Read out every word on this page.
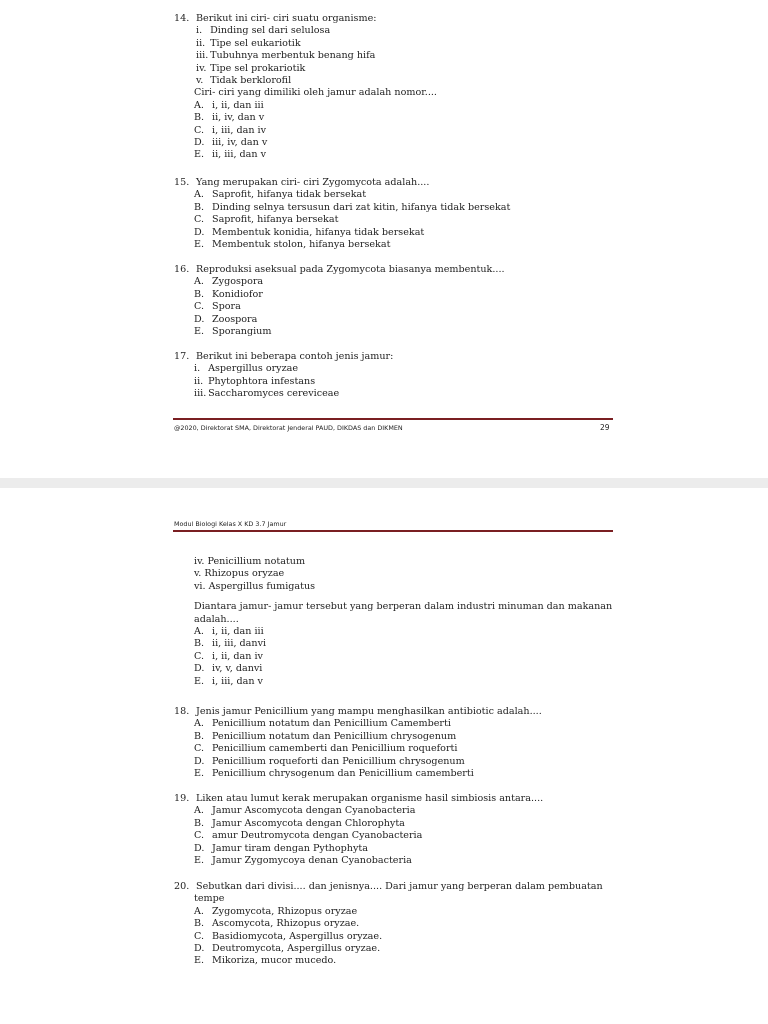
14. Berikut ini ciri- ciri suatu organisme:
i. Dinding sel dari selulosa
ii. Tipe sel eukariotik
iii. Tubuhnya merbentuk benang hifa
iv. Tipe sel prokariotik
v. Tidak berklorofil
Ciri- ciri yang dimiliki oleh jamur adalah nomor....
A. i, ii, dan iii
B. ii, iv, dan v
C. i, iii, dan iv
D. iii, iv, dan v
E. ii, iii, dan v
15. Yang merupakan ciri- ciri Zygomycota adalah....
A. Saprofit, hifanya tidak bersekat
B. Dinding selnya tersusun dari zat kitin, hifanya tidak bersekat
C. Saprofit, hifanya bersekat
D. Membentuk konidia, hifanya tidak bersekat
E. Membentuk stolon, hifanya bersekat
16. Reproduksi aseksual pada Zygomycota biasanya membentuk....
A. Zygospora
B. Konidiofor
C. Spora
D. Zoospora
E. Sporangium
17. Berikut ini beberapa contoh jenis jamur:
i. Aspergillus oryzae
ii. Phytophtora infestans
iii. Saccharomyces cereviceae
@2020, Direktorat SMA, Direktorat Jenderal PAUD, DIKDAS dan DIKMEN	29
Modul Biologi Kelas X KD 3.7 Jamur
iv. Penicillium notatum
v. Rhizopus oryzae
vi. Aspergillus fumigatus
Diantara jamur- jamur tersebut yang berperan dalam industri minuman dan makanan adalah....
A. i, ii, dan iii
B. ii, iii, danvi
C. i, ii, dan iv
D. iv, v, danvi
E. i, iii, dan v
18. Jenis jamur Penicillium yang mampu menghasilkan antibiotic adalah....
A. Penicillium notatum dan Penicillium Camemberti
B. Penicillium notatum dan Penicillium chrysogenum
C. Penicillium camemberti dan Penicillium roqueforti
D. Penicillium roqueforti dan Penicillium chrysogenum
E. Penicillium chrysogenum dan Penicillium camemberti
19. Liken atau lumut kerak merupakan organisme hasil simbiosis antara....
A. Jamur Ascomycota dengan Cyanobacteria
B. Jamur Ascomycota dengan Chlorophyta
C. amur Deutromycota dengan Cyanobacteria
D. Jamur tiram dengan Pythophyta
E. Jamur Zygomycoya denan Cyanobacteria
20. Sebutkan dari divisi.... dan jenisnya.... Dari jamur yang berperan dalam pembuatan
tempe
A. Zygomycota, Rhizopus oryzae
B. Ascomycota, Rhizopus oryzae.
C. Basidiomycota, Aspergillus oryzae.
D. Deutromycota, Aspergillus oryzae.
E. Mikoriza, mucor mucedo.
